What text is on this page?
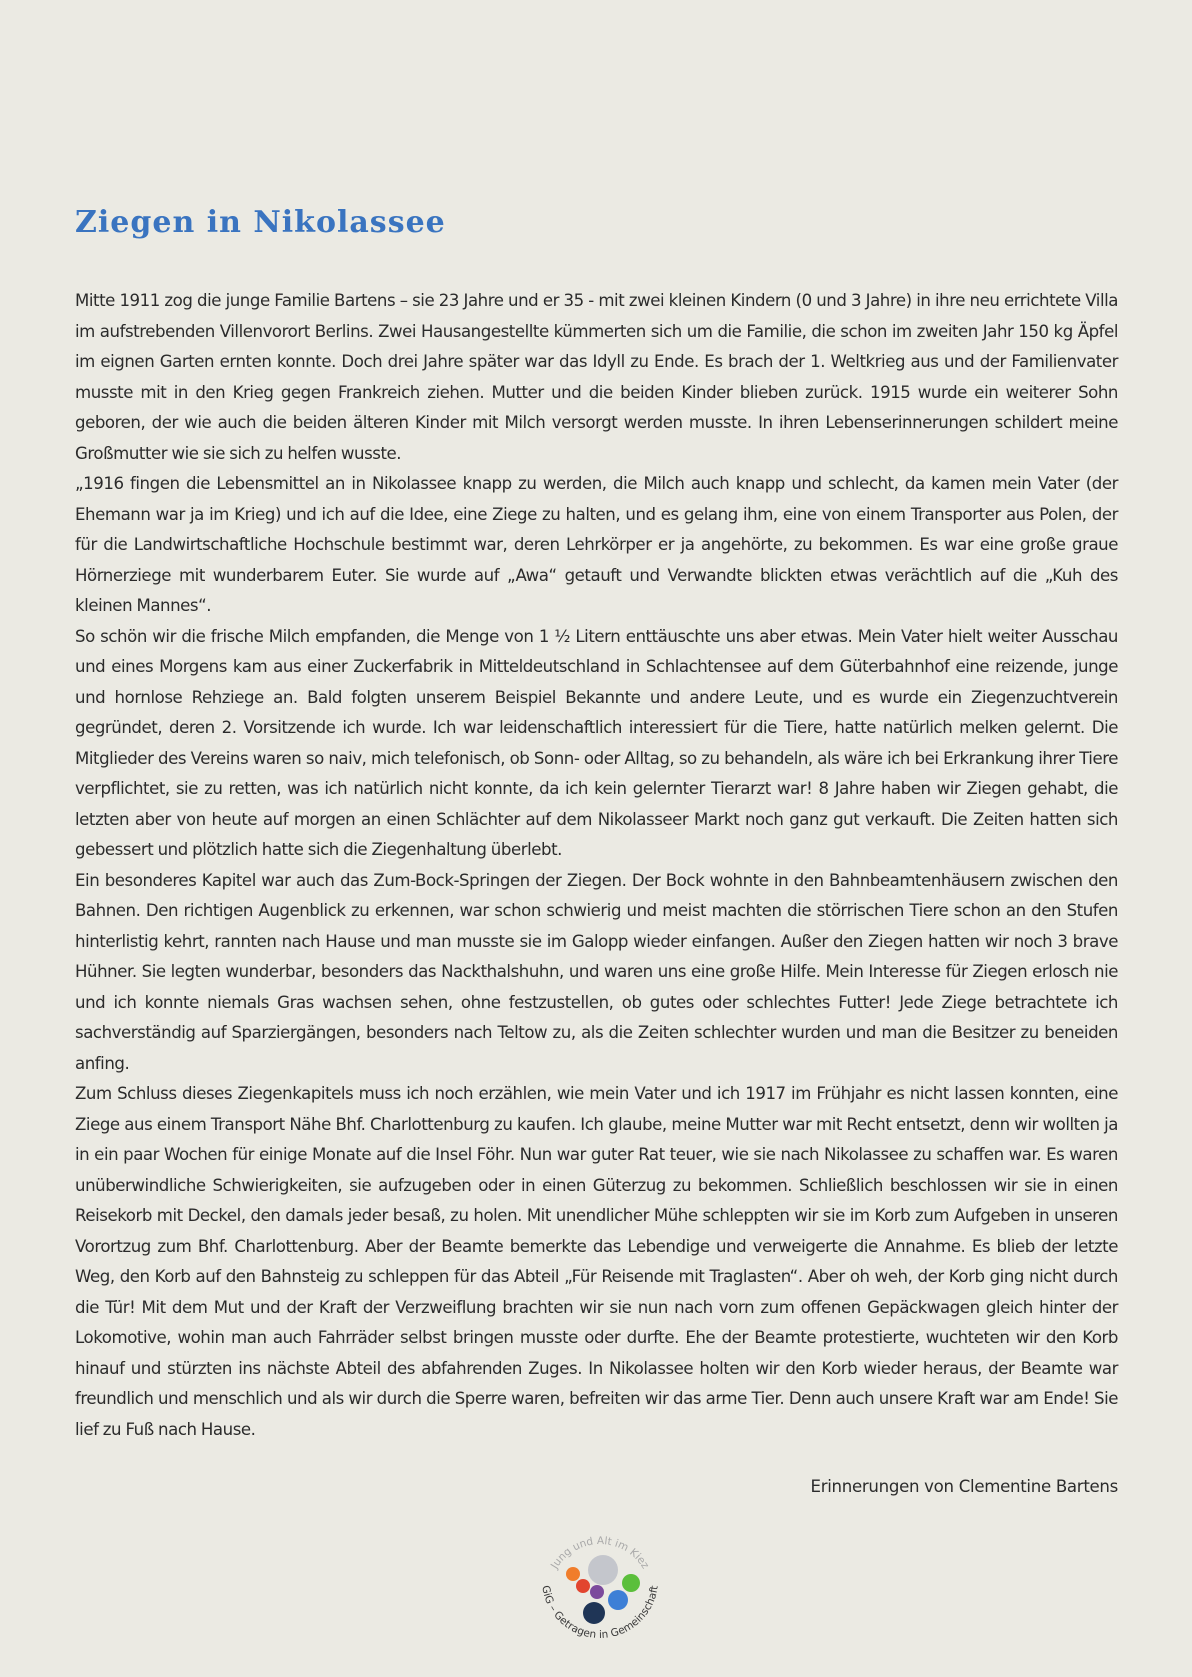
Ziegen in Nikolassee

Mitte 1911 zog die junge Familie Bartens – sie 23 Jahre und er 35 - mit zwei kleinen Kindern (0 und 3 Jahre) in ihre neu errichtete Villa im aufstrebenden Villenvorort Berlins. Zwei Hausangestellte kümmerten sich um die Familie, die schon im zweiten Jahr 150 kg Äpfel im eignen Garten ernten konnte. Doch drei Jahre später war das Idyll zu Ende. Es brach der 1. Weltkrieg aus und der Familienvater musste mit in den Krieg gegen Frankreich ziehen. Mutter und die beiden Kinder blieben zurück. 1915 wurde ein weiterer Sohn geboren, der wie auch die beiden älteren Kinder mit Milch versorgt werden musste. In ihren Lebenserinnerungen schildert meine Großmutter wie sie sich zu helfen wusste.

„1916 fingen die Lebensmittel an in Nikolassee knapp zu werden, die Milch auch knapp und schlecht, da kamen mein Vater (der Ehemann war ja im Krieg) und ich auf die Idee, eine Ziege zu halten, und es gelang ihm, eine von einem Transporter aus Polen, der für die Landwirtschaftliche Hochschule bestimmt war, deren Lehrkörper er ja angehörte, zu bekommen. Es war eine große graue Hörnerziege mit wunderbarem Euter. Sie wurde auf „Awa“ getauft und Verwandte blickten etwas verächtlich auf die „Kuh des kleinen Mannes“.

So schön wir die frische Milch empfanden, die Menge von 1 ½ Litern enttäuschte uns aber etwas. Mein Vater hielt weiter Ausschau und eines Morgens kam aus einer Zuckerfabrik in Mitteldeutschland in Schlachtensee auf dem Güterbahnhof eine reizende, junge und hornlose Rehziege an. Bald folgten unserem Beispiel Bekannte und andere Leute, und es wurde ein Ziegenzuchtverein gegründet, deren 2. Vorsitzende ich wurde. Ich war leidenschaftlich interessiert für die Tiere, hatte natürlich melken gelernt. Die Mitglieder des Vereins waren so naiv, mich telefonisch, ob Sonn- oder Alltag, so zu behandeln, als wäre ich bei Erkrankung ihrer Tiere verpflichtet, sie zu retten, was ich natürlich nicht konnte, da ich kein gelernter Tierarzt war! 8 Jahre haben wir Ziegen gehabt, die letzten aber von heute auf morgen an einen Schlächter auf dem Nikolasseer Markt noch ganz gut verkauft. Die Zeiten hatten sich gebessert und plötzlich hatte sich die Ziegenhaltung überlebt.

Ein besonderes Kapitel war auch das Zum-Bock-Springen der Ziegen. Der Bock wohnte in den Bahnbeamtenhäusern zwischen den Bahnen. Den richtigen Augenblick zu erkennen, war schon schwierig und meist machten die störrischen Tiere schon an den Stufen hinterlistig kehrt, rannten nach Hause und man musste sie im Galopp wieder einfangen. Außer den Ziegen hatten wir noch 3 brave Hühner. Sie legten wunderbar, besonders das Nackthalshuhn, und waren uns eine große Hilfe. Mein Interesse für Ziegen erlosch nie und ich konnte niemals Gras wachsen sehen, ohne festzustellen, ob gutes oder schlechtes Futter! Jede Ziege betrachtete ich sachverständig auf Sparziergängen, besonders nach Teltow zu, als die Zeiten schlechter wurden und man die Besitzer zu beneiden anfing.

Zum Schluss dieses Ziegenkapitels muss ich noch erzählen, wie mein Vater und ich 1917 im Frühjahr es nicht lassen konnten, eine Ziege aus einem Transport Nähe Bhf. Charlottenburg zu kaufen. Ich glaube, meine Mutter war mit Recht entsetzt, denn wir wollten ja in ein paar Wochen für einige Monate auf die Insel Föhr. Nun war guter Rat teuer, wie sie nach Nikolassee zu schaffen war. Es waren unüberwindliche Schwierigkeiten, sie aufzugeben oder in einen Güterzug zu bekommen. Schließlich beschlossen wir sie in einen Reisekorb mit Deckel, den damals jeder besaß, zu holen. Mit unendlicher Mühe schleppten wir sie im Korb zum Aufgeben in unseren Vorortzug zum Bhf. Charlottenburg. Aber der Beamte bemerkte das Lebendige und verweigerte die Annahme. Es blieb der letzte Weg, den Korb auf den Bahnsteig zu schleppen für das Abteil „Für Reisende mit Traglasten“. Aber oh weh, der Korb ging nicht durch die Tür! Mit dem Mut und der Kraft der Verzweiflung brachten wir sie nun nach vorn zum offenen Gepäckwagen gleich hinter der Lokomotive, wohin man auch Fahrräder selbst bringen musste oder durfte. Ehe der Beamte protestierte, wuchteten wir den Korb hinauf und stürzten ins nächste Abteil des abfahrenden Zuges. In Nikolassee holten wir den Korb wieder heraus, der Beamte war freundlich und menschlich und als wir durch die Sperre waren, befreiten wir das arme Tier. Denn auch unsere Kraft war am Ende! Sie lief zu Fuß nach Hause.

Erinnerungen von Clementine Bartens
Jung und Alt im Kiez
GiG – Getragen in Gemeinschaft
